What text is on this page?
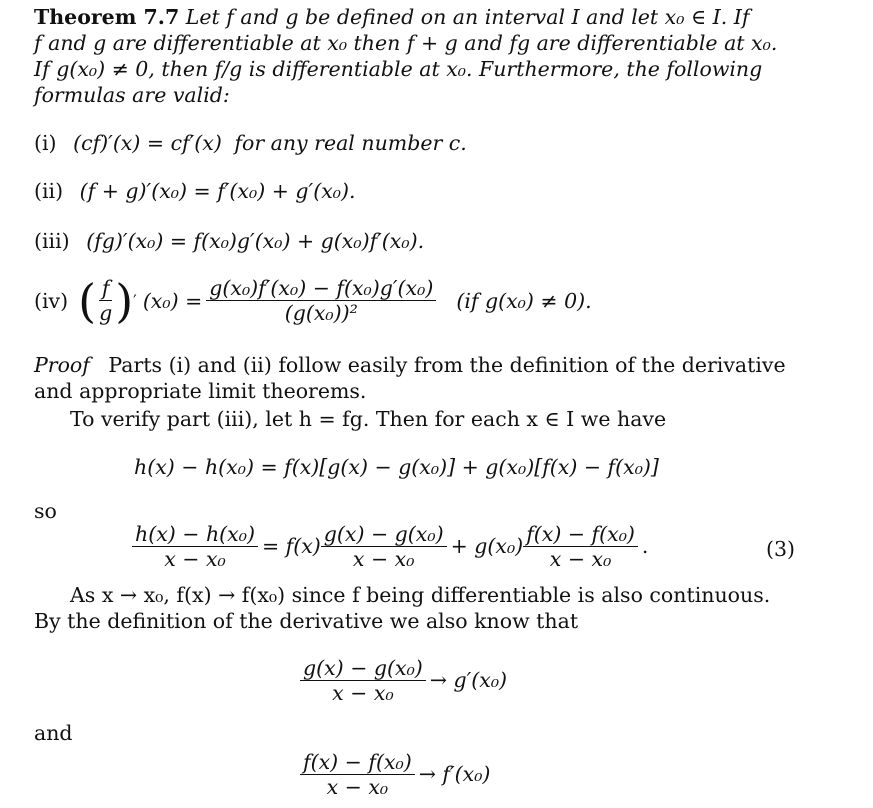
Theorem 7.7 Let f and g be defined on an interval I and let x₀ ∈ I. If
f and g are differentiable at x₀ then f + g and fg are differentiable at x₀.
If g(x₀) ≠ 0, then f/g is differentiable at x₀. Furthermore, the following
formulas are valid:
(i) (cf)′(x) = cf′(x) for any real number c.
(ii) (f + g)′(x₀) = f′(x₀) + g′(x₀).
(iii) (fg)′(x₀) = f(x₀)g′(x₀) + g(x₀)f′(x₀).
(iv) ( $\frac{f}{g}$ ) ′ $(x_0) = \frac{\text{g(x₀)f′(x₀) − f(x₀)g′(x₀)}}{\text{(g(x₀))²}} (if$ g(x₀) ≠ 0).
Proof Parts (i) and (ii) follow easily from the definition of the derivative
and appropriate limit theorems.
To verify part (iii), let h = fg. Then for each x ∈ I we have
h(x) − h(x₀) = f(x)[g(x) − g(x₀)] + g(x₀)[f(x) − f(x₀)]
so
$\frac{\text{h(x) − h(x₀)}}{\text{x − x₀}} = f(x) \frac{\text{g(x) − g(x₀)}}{\text{x − x₀}} + g(x_0) \frac{\text{f(x) − f(x₀)}}{\text{x − x₀}}$ .	(3)
As x → x₀, f(x) → f(x₀) since f being differentiable is also continuous.
By the definition of the derivative we also know that
$\frac{\text{g(x) − g(x₀)}}{\text{x − x₀}} \to g'(x_0)$
and
$\frac{\text{f(x) − f(x₀)}}{\text{x − x₀}} \to f'(x_0)$
